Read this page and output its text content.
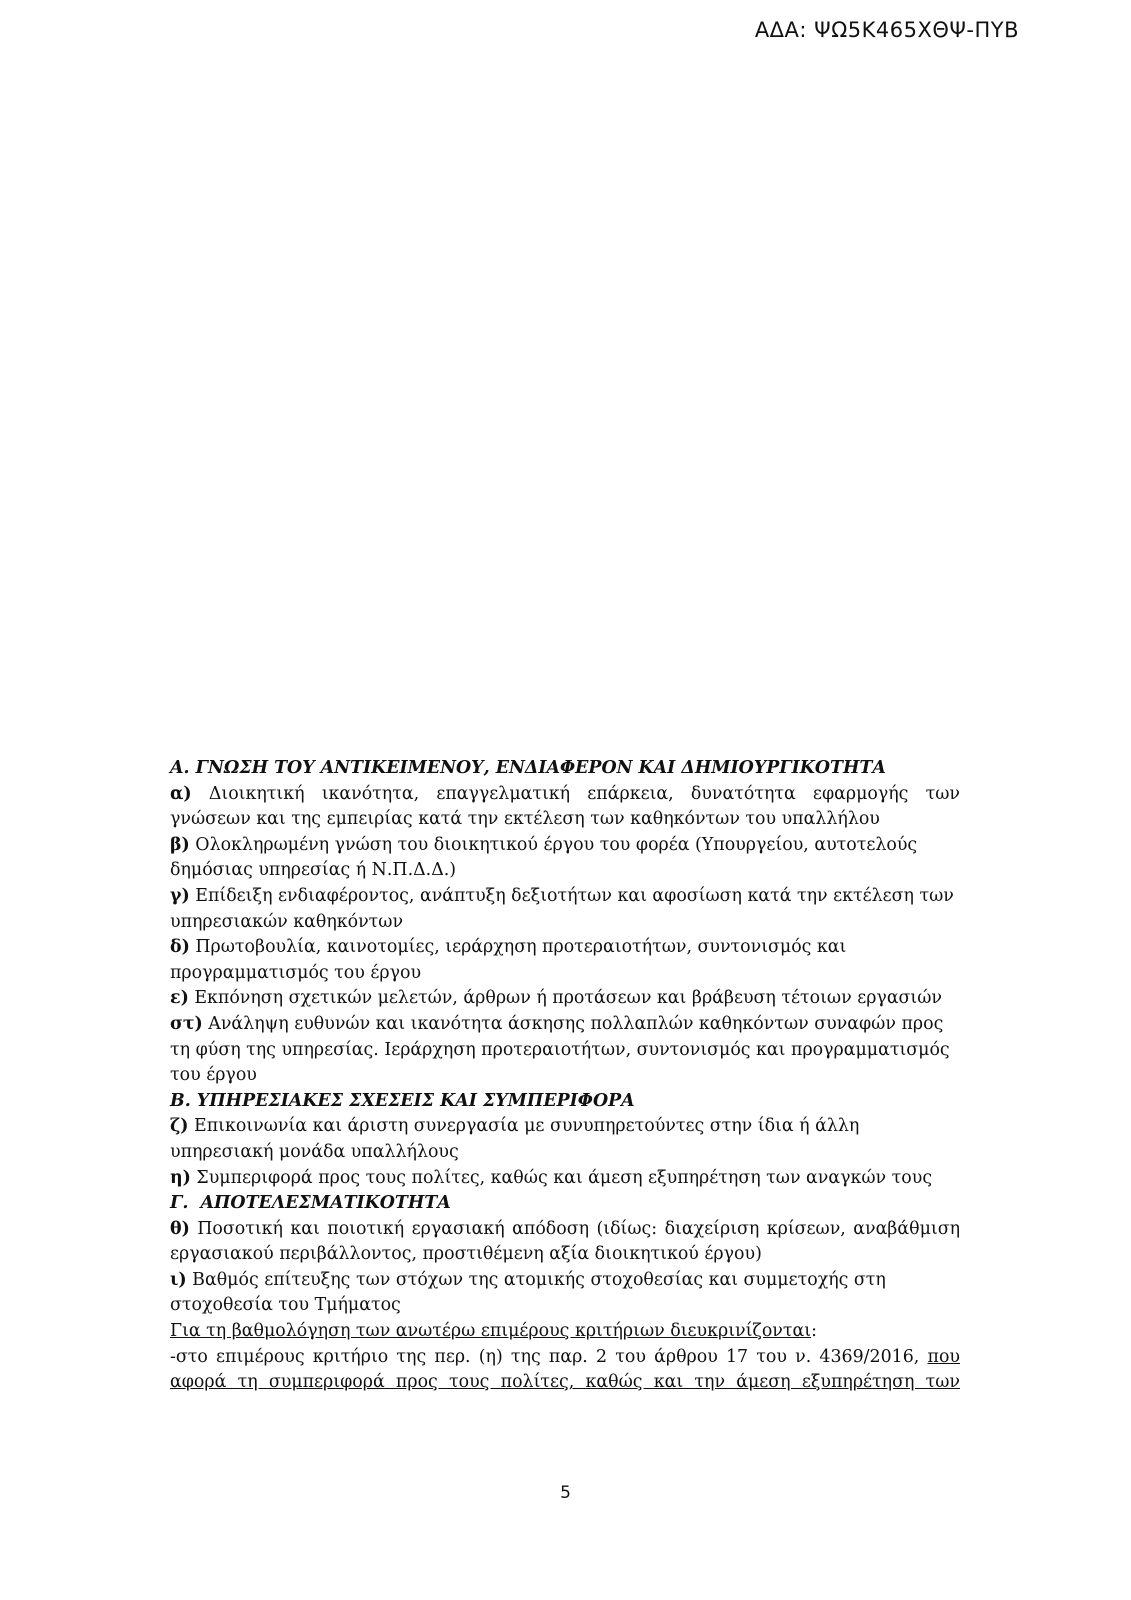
ΑΔΑ: ΨΩ5Κ465ΧΘΨ-ΠΥΒ

Α. ΓΝΩΣΗ ΤΟΥ ΑΝΤΙΚΕΙΜΕΝΟΥ, ΕΝΔΙΑΦΕΡΟΝ ΚΑΙ ΔΗΜΙΟΥΡΓΙΚΟΤΗΤΑ

α) Διοικητική ικανότητα, επαγγελματική επάρκεια, δυνατότητα εφαρμογής των γνώσεων και της εμπειρίας κατά την εκτέλεση των καθηκόντων του υπαλλήλου

β) Ολοκληρωμένη γνώση του διοικητικού έργου του φορέα (Υπουργείου, αυτοτελούς δημόσιας υπηρεσίας ή Ν.Π.Δ.Δ.)

γ) Επίδειξη ενδιαφέροντος, ανάπτυξη δεξιοτήτων και αφοσίωση κατά την εκτέλεση των υπηρεσιακών καθηκόντων

δ) Πρωτοβουλία, καινοτομίες, ιεράρχηση προτεραιοτήτων, συντονισμός και προγραμματισμός του έργου

ε) Εκπόνηση σχετικών μελετών, άρθρων ή προτάσεων και βράβευση τέτοιων εργασιών

στ) Ανάληψη ευθυνών και ικανότητα άσκησης πολλαπλών καθηκόντων συναφών προς τη φύση της υπηρεσίας. Ιεράρχηση προτεραιοτήτων, συντονισμός και προγραμματισμός του έργου

Β. ΥΠΗΡΕΣΙΑΚΕΣ ΣΧΕΣΕΙΣ ΚΑΙ ΣΥΜΠΕΡΙΦΟΡΑ

ζ) Επικοινωνία και άριστη συνεργασία με συνυπηρετούντες στην ίδια ή άλλη υπηρεσιακή μονάδα υπαλλήλους

η) Συμπεριφορά προς τους πολίτες, καθώς και άμεση εξυπηρέτηση των αναγκών τους

Γ.  ΑΠΟΤΕΛΕΣΜΑΤΙΚΟΤΗΤΑ

θ) Ποσοτική και ποιοτική εργασιακή απόδοση (ιδίως: διαχείριση κρίσεων, αναβάθμιση εργασιακού περιβάλλοντος, προστιθέμενη αξία διοικητικού έργου)

ι) Βαθμός επίτευξης των στόχων της ατομικής στοχοθεσίας και συμμετοχής στη στοχοθεσία του Τμήματος

Για τη βαθμολόγηση των ανωτέρω επιμέρους κριτήριων διευκρινίζονται:

-στο επιμέρους κριτήριο της περ. (η) της παρ. 2 του άρθρου 17 του ν. 4369/2016, που

αφορά τη συμπεριφορά προς τους πολίτες, καθώς και την άμεση εξυπηρέτηση των

5
